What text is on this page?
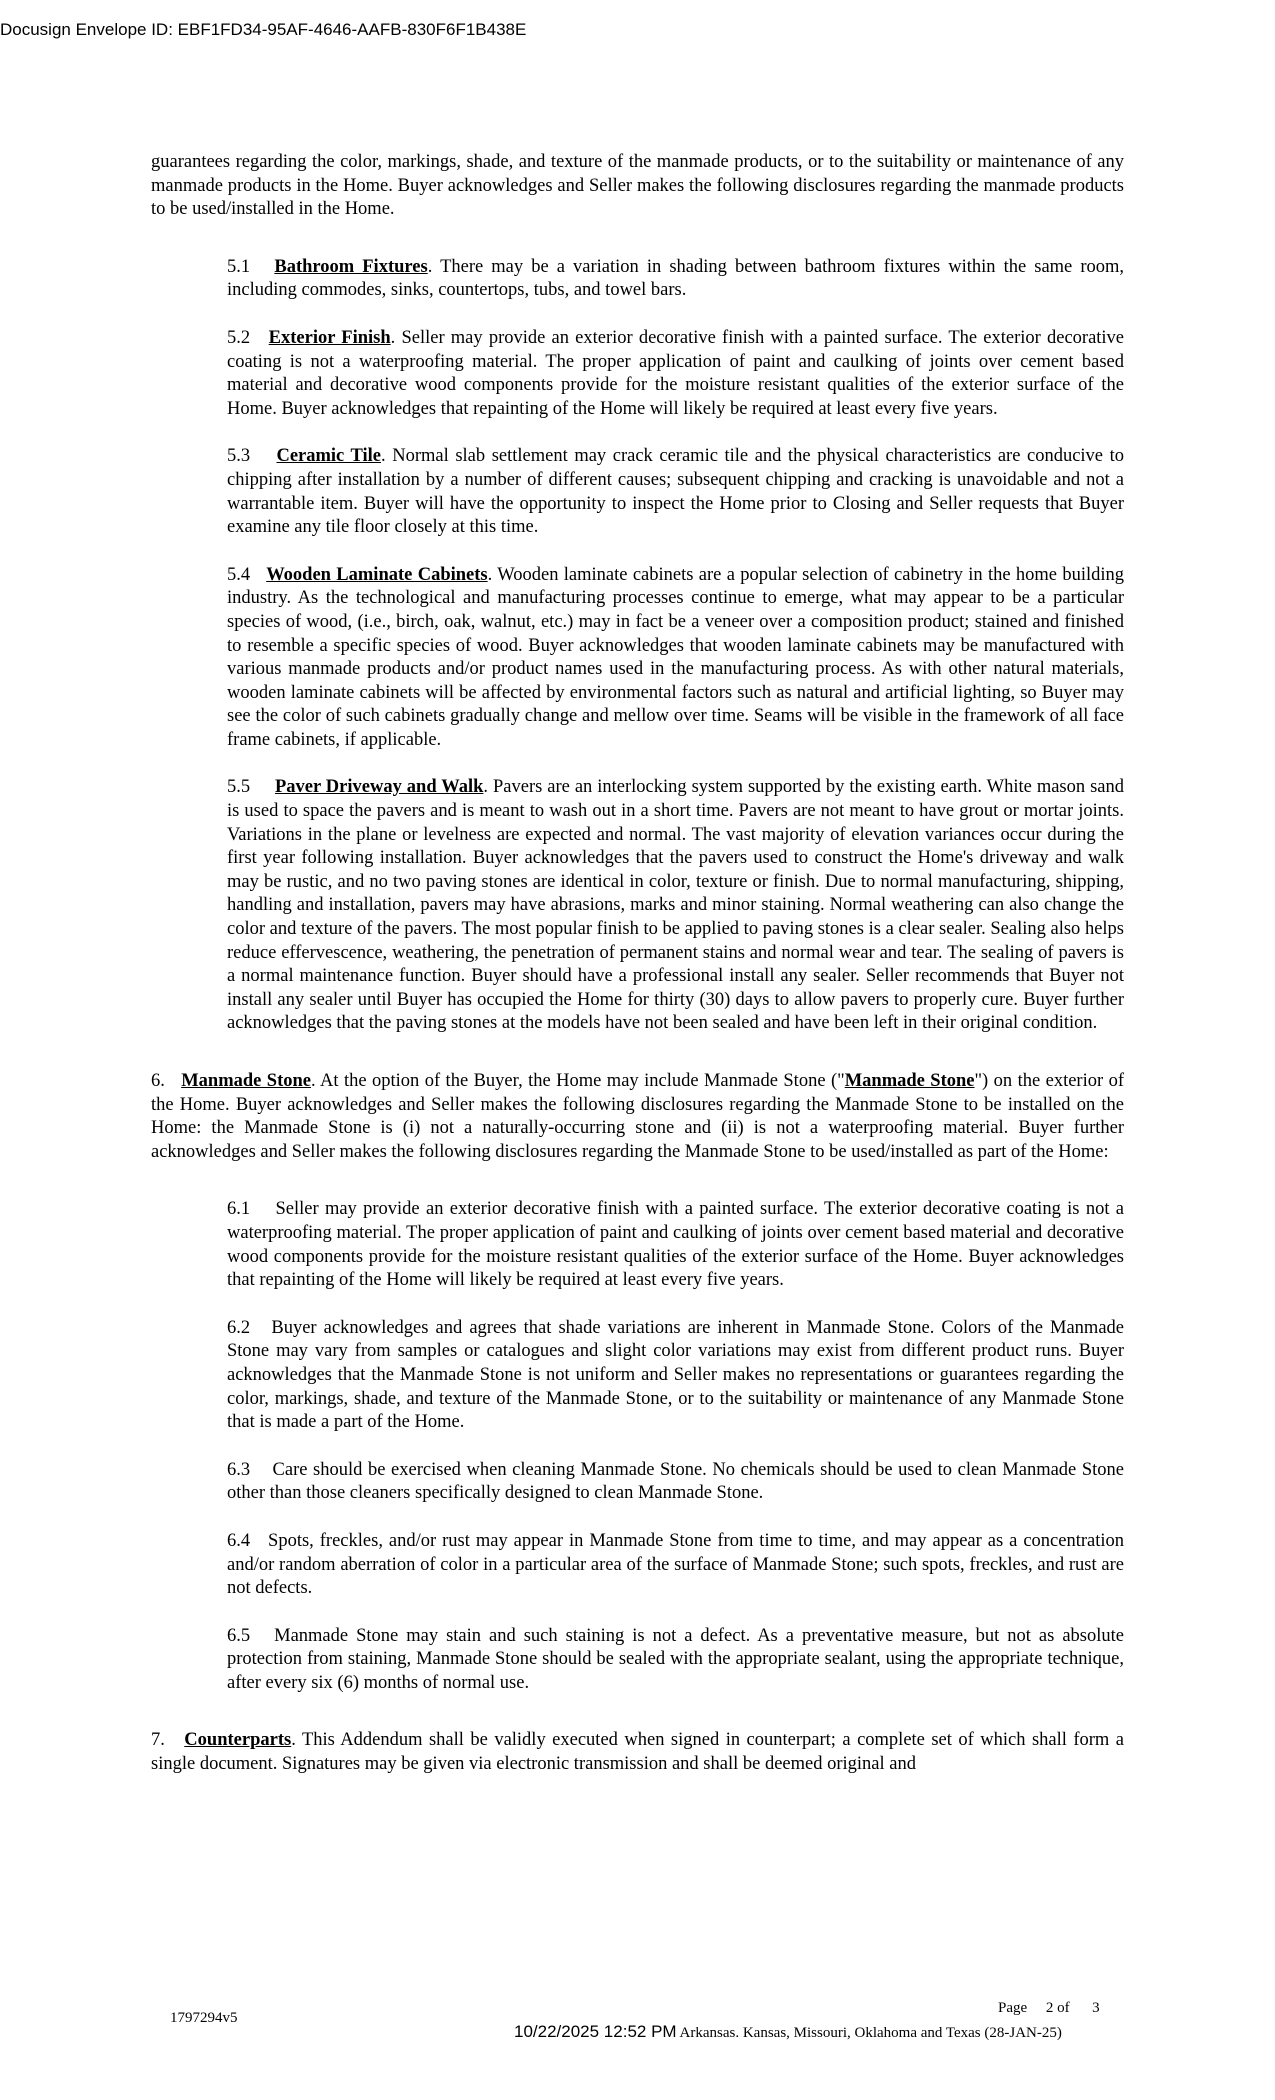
Docusign Envelope ID: EBF1FD34-95AF-4646-AAFB-830F6F1B438E

guarantees regarding the color, markings, shade, and texture of the manmade products, or to the suitability or maintenance of any manmade products in the Home. Buyer acknowledges and Seller makes the following disclosures regarding the manmade products to be used/installed in the Home.

5.1 Bathroom Fixtures. There may be a variation in shading between bathroom fixtures within the same room, including commodes, sinks, countertops, tubs, and towel bars.

5.2 Exterior Finish. Seller may provide an exterior decorative finish with a painted surface. The exterior decorative coating is not a waterproofing material. The proper application of paint and caulking of joints over cement based material and decorative wood components provide for the moisture resistant qualities of the exterior surface of the Home. Buyer acknowledges that repainting of the Home will likely be required at least every five years.

5.3 Ceramic Tile. Normal slab settlement may crack ceramic tile and the physical characteristics are conducive to chipping after installation by a number of different causes; subsequent chipping and cracking is unavoidable and not a warrantable item. Buyer will have the opportunity to inspect the Home prior to Closing and Seller requests that Buyer examine any tile floor closely at this time.

5.4 Wooden Laminate Cabinets. Wooden laminate cabinets are a popular selection of cabinetry in the home building industry. As the technological and manufacturing processes continue to emerge, what may appear to be a particular species of wood, (i.e., birch, oak, walnut, etc.) may in fact be a veneer over a composition product; stained and finished to resemble a specific species of wood. Buyer acknowledges that wooden laminate cabinets may be manufactured with various manmade products and/or product names used in the manufacturing process. As with other natural materials, wooden laminate cabinets will be affected by environmental factors such as natural and artificial lighting, so Buyer may see the color of such cabinets gradually change and mellow over time. Seams will be visible in the framework of all face frame cabinets, if applicable.

5.5 Paver Driveway and Walk. Pavers are an interlocking system supported by the existing earth. White mason sand is used to space the pavers and is meant to wash out in a short time. Pavers are not meant to have grout or mortar joints. Variations in the plane or levelness are expected and normal. The vast majority of elevation variances occur during the first year following installation. Buyer acknowledges that the pavers used to construct the Home's driveway and walk may be rustic, and no two paving stones are identical in color, texture or finish. Due to normal manufacturing, shipping, handling and installation, pavers may have abrasions, marks and minor staining. Normal weathering can also change the color and texture of the pavers. The most popular finish to be applied to paving stones is a clear sealer. Sealing also helps reduce effervescence, weathering, the penetration of permanent stains and normal wear and tear. The sealing of pavers is a normal maintenance function. Buyer should have a professional install any sealer. Seller recommends that Buyer not install any sealer until Buyer has occupied the Home for thirty (30) days to allow pavers to properly cure. Buyer further acknowledges that the paving stones at the models have not been sealed and have been left in their original condition.

6. Manmade Stone. At the option of the Buyer, the Home may include Manmade Stone ("Manmade Stone") on the exterior of the Home. Buyer acknowledges and Seller makes the following disclosures regarding the Manmade Stone to be installed on the Home: the Manmade Stone is (i) not a naturally-occurring stone and (ii) is not a waterproofing material. Buyer further acknowledges and Seller makes the following disclosures regarding the Manmade Stone to be used/installed as part of the Home:

6.1 Seller may provide an exterior decorative finish with a painted surface. The exterior decorative coating is not a waterproofing material. The proper application of paint and caulking of joints over cement based material and decorative wood components provide for the moisture resistant qualities of the exterior surface of the Home. Buyer acknowledges that repainting of the Home will likely be required at least every five years.

6.2 Buyer acknowledges and agrees that shade variations are inherent in Manmade Stone. Colors of the Manmade Stone may vary from samples or catalogues and slight color variations may exist from different product runs. Buyer acknowledges that the Manmade Stone is not uniform and Seller makes no representations or guarantees regarding the color, markings, shade, and texture of the Manmade Stone, or to the suitability or maintenance of any Manmade Stone that is made a part of the Home.

6.3 Care should be exercised when cleaning Manmade Stone. No chemicals should be used to clean Manmade Stone other than those cleaners specifically designed to clean Manmade Stone.

6.4 Spots, freckles, and/or rust may appear in Manmade Stone from time to time, and may appear as a concentration and/or random aberration of color in a particular area of the surface of Manmade Stone; such spots, freckles, and rust are not defects.

6.5 Manmade Stone may stain and such staining is not a defect. As a preventative measure, but not as absolute protection from staining, Manmade Stone should be sealed with the appropriate sealant, using the appropriate technique, after every six (6) months of normal use.

7. Counterparts. This Addendum shall be validly executed when signed in counterpart; a complete set of which shall form a single document. Signatures may be given via electronic transmission and shall be deemed original and

1797294v5
Page 2 of 3
10/22/2025 12:52 PM Arkansas. Kansas, Missouri, Oklahoma and Texas (28-JAN-25)
